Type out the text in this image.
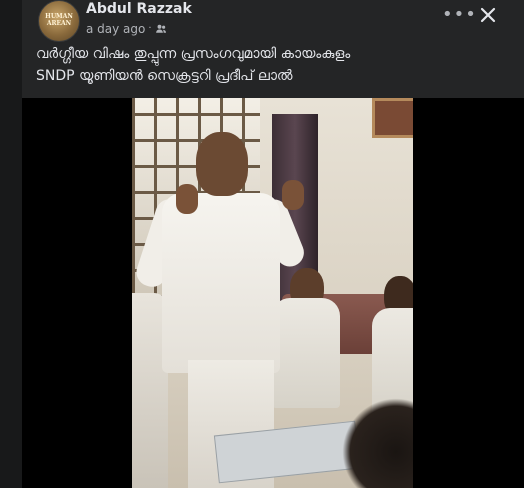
HUMAN AREAN
Abdul Razzak
a day ago ·
•••
വർഗ്ഗീയ വിഷം തുപ്പുന്ന പ്രസംഗവുമായി കായംകുളം
SNDP യൂണിയൻ സെക്രട്ടറി പ്രദീപ് ലാൽ
